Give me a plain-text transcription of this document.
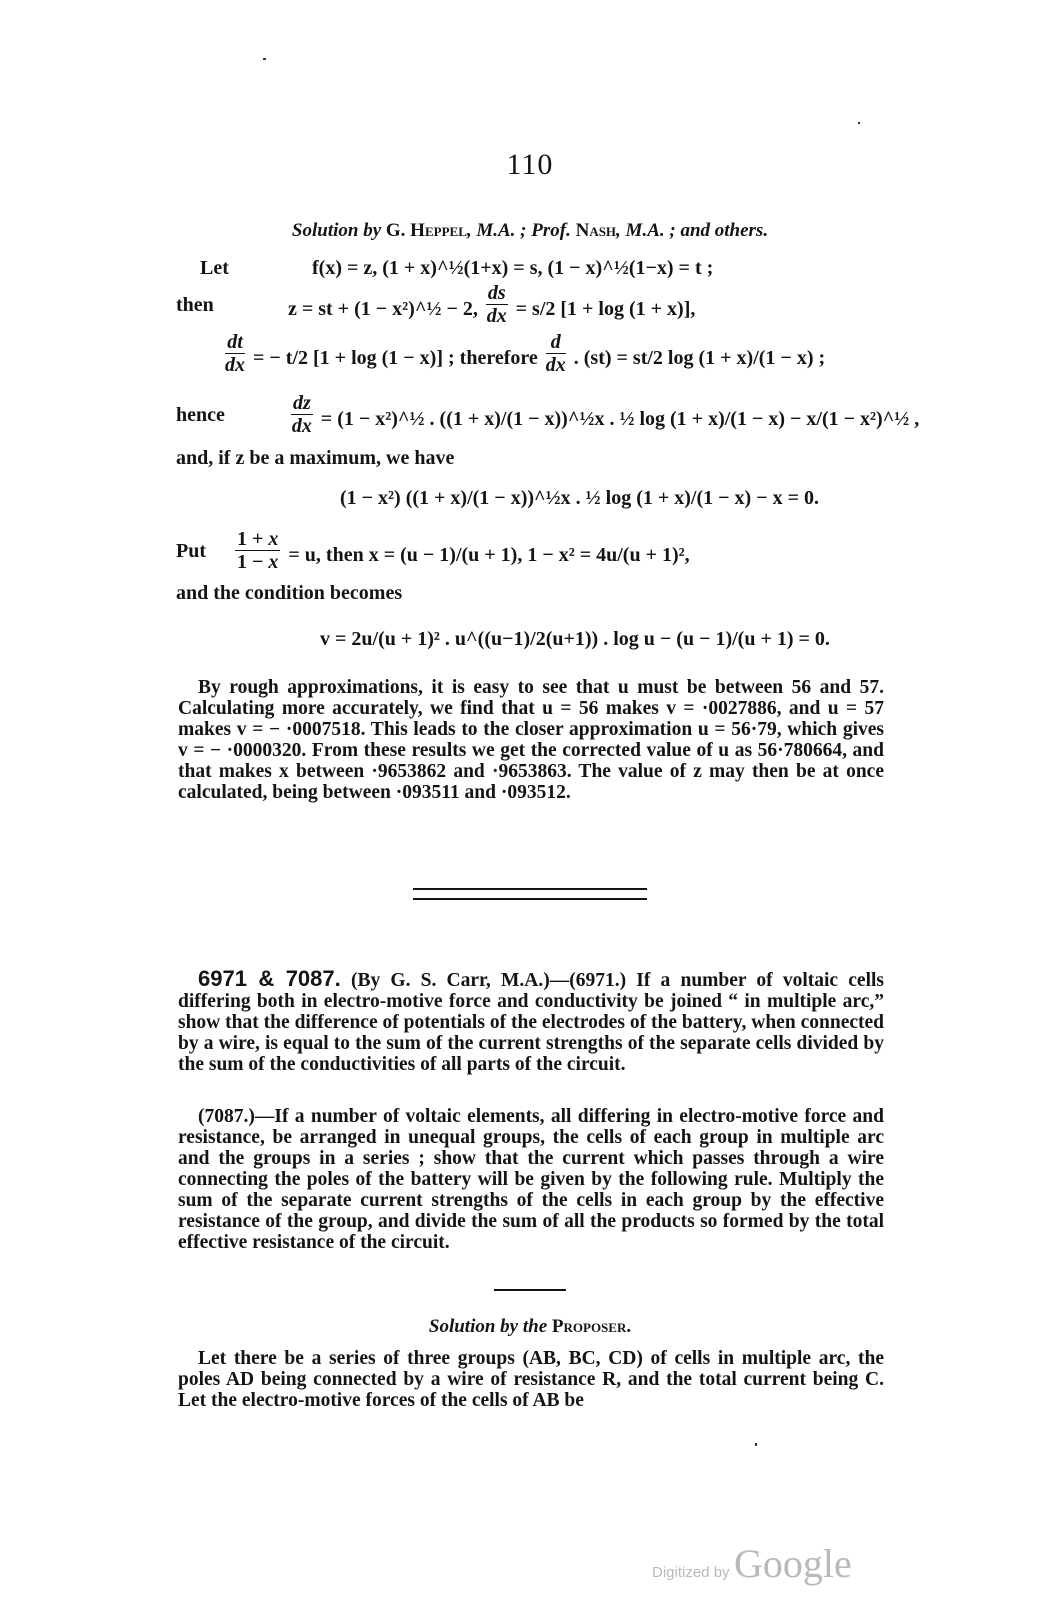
110
Solution by G. Heppel, M.A. ; Prof. Nash, M.A. ; and others.
Let	f(x) = z, (1 + x)^½(1+x) = s, (1 − x)^½(1−x) = t ;
then	z = st + (1 − x²)^½ − 2, $\frac{ds}{dx} = s/2$ [1 + log (1 + x)],
$\frac{dt}{dx}$ = − t/2 [1 + log (1 − x)] ; therefore $\frac{d}{dx}$ . (st) = st/2 log (1 + x)/(1 − x) ;
hence	$\frac{dz}{dx} = (1$ − x²)^½ . ((1 + x)/(1 − x))^½x . ½ log (1 + x)/(1 − x) − x/(1 − x²)^½ ,
and, if z be a maximum, we have
(1 − x²) ((1 + x)/(1 − x))^½x . ½ log (1 + x)/(1 − x) − x = 0.
Put $\frac{1 + x}{1 - x} = u$, then x = (u − 1)/(u + 1), 1 − x² = 4u/(u + 1)²,
and the condition becomes
v = 2u/(u + 1)² . u^((u−1)/2(u+1)) . log u − (u − 1)/(u + 1) = 0.
By rough approximations, it is easy to see that u must be between 56 and 57. Calculating more accurately, we find that u = 56 makes v = ·0027886, and u = 57 makes v = − ·0007518. This leads to the closer approximation u = 56·79, which gives v = − ·0000320. From these results we get the corrected value of u as 56·780664, and that makes x between ·9653862 and ·9653863. The value of z may then be at once calculated, being between ·093511 and ·093512.
6971 & 7087. (By G. S. Carr, M.A.)—(6971.) If a number of voltaic cells differing both in electro-motive force and conductivity be joined “ in multiple arc,” show that the difference of potentials of the electrodes of the battery, when connected by a wire, is equal to the sum of the current strengths of the separate cells divided by the sum of the conductivities of all parts of the circuit.
(7087.)—If a number of voltaic elements, all differing in electro-motive force and resistance, be arranged in unequal groups, the cells of each group in multiple arc and the groups in a series ; show that the current which passes through a wire connecting the poles of the battery will be given by the following rule. Multiply the sum of the separate current strengths of the cells in each group by the effective resistance of the group, and divide the sum of all the products so formed by the total effective resistance of the circuit.
Solution by the Proposer.
Let there be a series of three groups (AB, BC, CD) of cells in multiple arc, the poles AD being connected by a wire of resistance R, and the total current being C. Let the electro-motive forces of the cells of AB be
Digitized by Google
